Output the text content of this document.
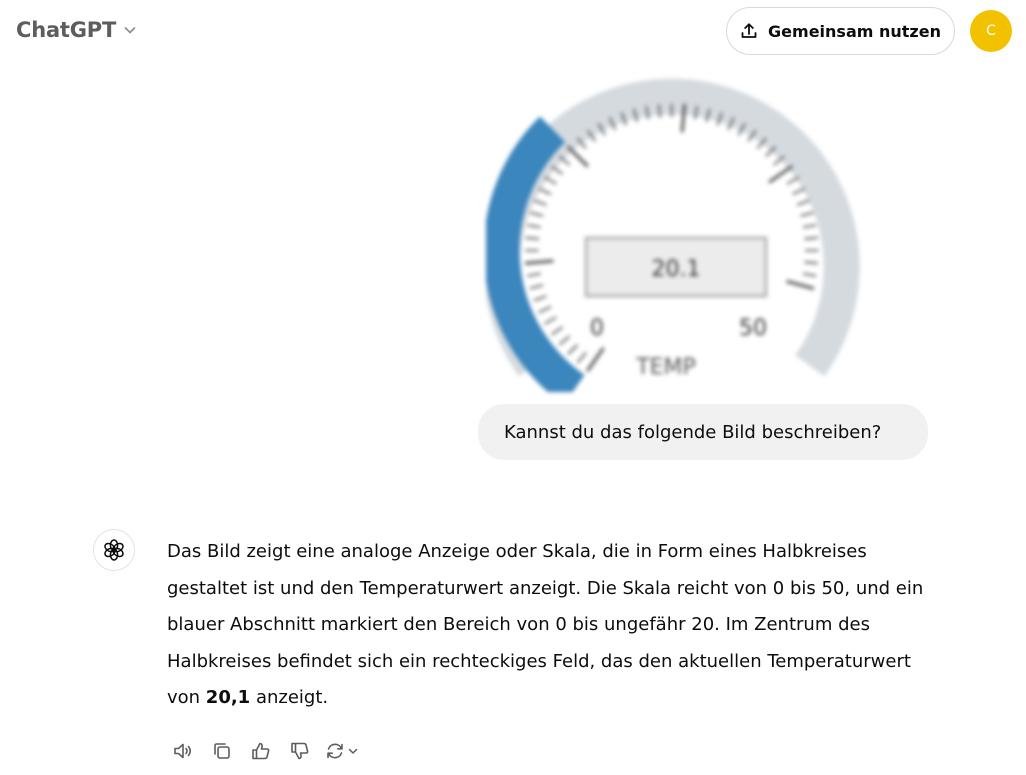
ChatGPT	Gemeinsam nutzen	C
20.1
0	50
TEMP
Kannst du das folgende Bild beschreiben?
Das Bild zeigt eine analoge Anzeige oder Skala, die in Form eines Halbkreises gestaltet ist und den Temperaturwert anzeigt. Die Skala reicht von 0 bis 50, und ein blauer Abschnitt markiert den Bereich von 0 bis ungefähr 20. Im Zentrum des Halbkreises befindet sich ein rechteckiges Feld, das den aktuellen Temperaturwert von 20,1 anzeigt.
